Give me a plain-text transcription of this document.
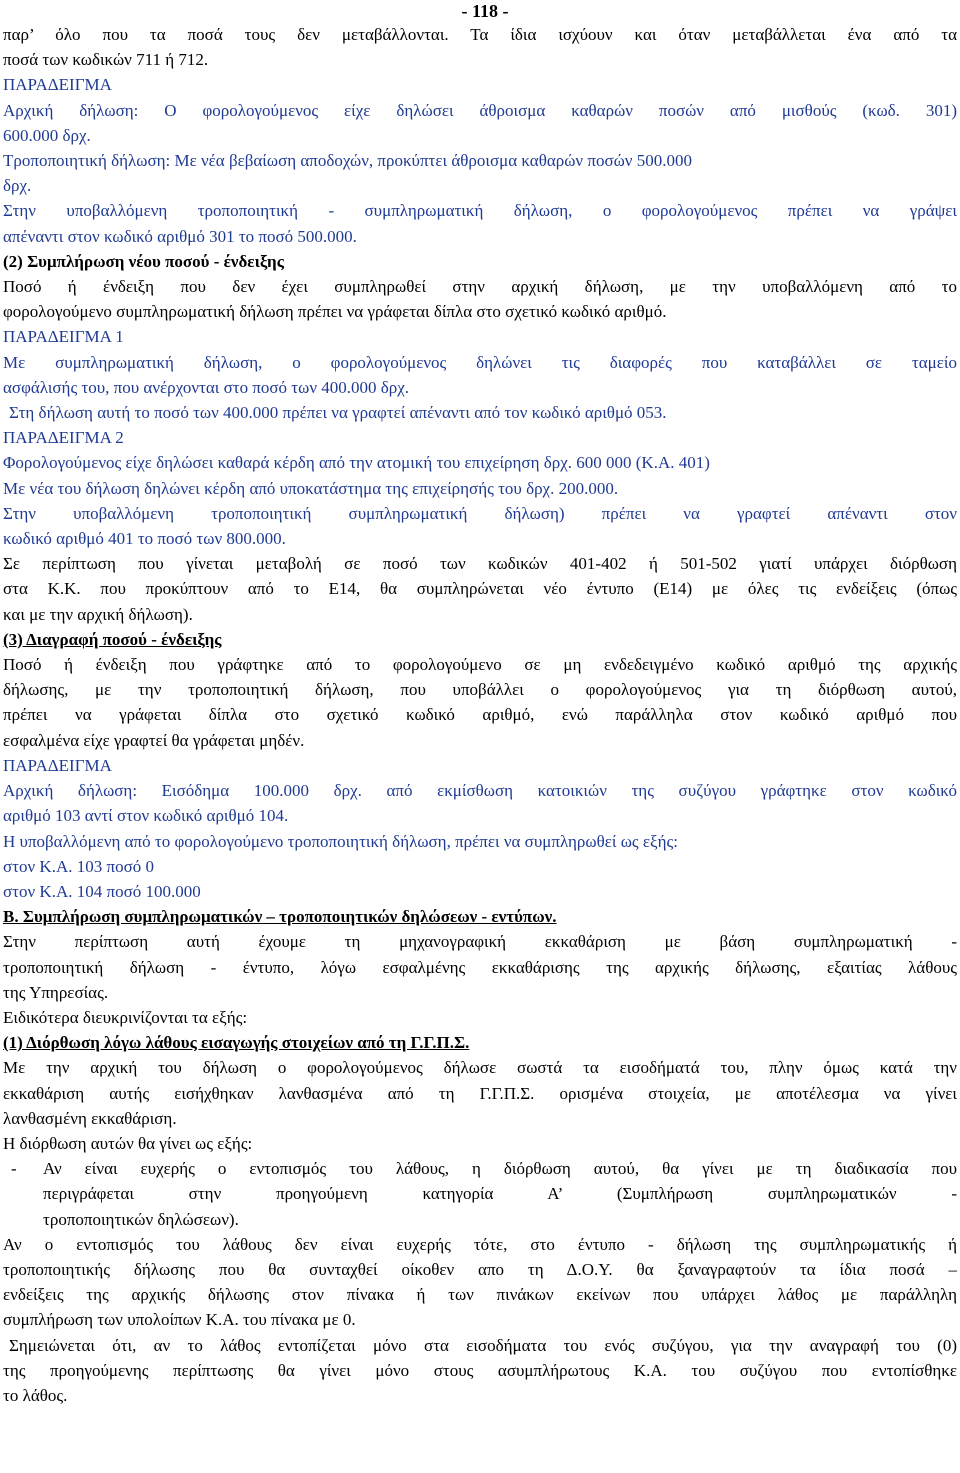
- 118 -

παρ’ όλο που τα ποσά τους δεν μεταβάλλονται. Τα ίδια ισχύουν και όταν μεταβάλλεται ένα από τα

ποσά των κωδικών 711 ή 712.

ΠΑΡΑΔΕΙΓΜΑ

Αρχική δήλωση: Ο φορολογούμενος είχε δηλώσει άθροισμα καθαρών ποσών από μισθούς (κωδ. 301)

600.000 δρχ.

Τροποποιητική δήλωση: Με νέα βεβαίωση αποδοχών, προκύπτει άθροισμα καθαρών ποσών 500.000

δρχ.

Στην υποβαλλόμενη τροποποιητική - συμπληρωματική δήλωση, ο φορολογούμενος πρέπει να γράψει

απέναντι στον κωδικό αριθμό 301 το ποσό 500.000.

(2) Συμπλήρωση νέου ποσού - ένδειξης

Ποσό ή ένδειξη που δεν έχει συμπληρωθεί στην αρχική δήλωση, με την υποβαλλόμενη από το

φορολογούμενο συμπληρωματική δήλωση πρέπει να γράφεται δίπλα στο σχετικό κωδικό αριθμό.

ΠΑΡΑΔΕΙΓΜΑ 1

Με συμπληρωματική δήλωση, ο φορολογούμενος δηλώνει τις διαφορές που καταβάλλει σε ταμείο

ασφάλισής του, που ανέρχονται στο ποσό των 400.000 δρχ.

Στη δήλωση αυτή το ποσό των 400.000 πρέπει να γραφτεί απέναντι από τον κωδικό αριθμό 053.

ΠΑΡΑΔΕΙΓΜΑ 2

Φορολογούμενος είχε δηλώσει καθαρά κέρδη από την ατομική του επιχείρηση δρχ. 600 000 (Κ.Α. 401)

Με νέα του δήλωση δηλώνει κέρδη από υποκατάστημα της επιχείρησής του δρχ. 200.000.

Στην υποβαλλόμενη τροποποιητική συμπληρωματική δήλωση) πρέπει να γραφτεί απέναντι στον

κωδικό αριθμό 401 το ποσό των 800.000.

Σε περίπτωση που γίνεται μεταβολή σε ποσό των κωδικών 401-402 ή 501-502 γιατί υπάρχει διόρθωση

στα Κ.Κ. που προκύπτουν από το Ε14, θα συμπληρώνεται νέο έντυπο (Ε14) με όλες τις ενδείξεις (όπως

και με την αρχική δήλωση).

(3) Διαγραφή ποσού - ένδειξης

Ποσό ή ένδειξη που γράφτηκε από το φορολογούμενο σε μη ενδεδειγμένο κωδικό αριθμό της αρχικής

δήλωσης, με την τροποποιητική δήλωση, που υποβάλλει ο φορολογούμενος για τη διόρθωση αυτού,

πρέπει να γράφεται δίπλα στο σχετικό κωδικό αριθμό, ενώ παράλληλα στον κωδικό αριθμό που

εσφαλμένα είχε γραφτεί θα γράφεται μηδέν.

ΠΑΡΑΔΕΙΓΜΑ

Αρχική δήλωση: Εισόδημα 100.000 δρχ. από εκμίσθωση κατοικιών της συζύγου γράφτηκε στον κωδικό

αριθμό 103 αντί στον κωδικό αριθμό 104.

Η υποβαλλόμενη από το φορολογούμενο τροποποιητική δήλωση, πρέπει να συμπληρωθεί ως εξής:

στον Κ.Α. 103 ποσό 0

στον Κ.Α. 104 ποσό 100.000

Β. Συμπλήρωση συμπληρωματικών – τροποποιητικών δηλώσεων - εντύπων.

Στην περίπτωση αυτή έχουμε τη μηχανογραφική εκκαθάριση με βάση συμπληρωματική -

τροποποιητική δήλωση - έντυπο, λόγω εσφαλμένης εκκαθάρισης της αρχικής δήλωσης, εξαιτίας λάθους

της Υπηρεσίας.

Ειδικότερα διευκρινίζονται τα εξής:

(1) Διόρθωση λόγω λάθους εισαγωγής στοιχείων από τη Γ.Γ.Π.Σ.

Με την αρχική του δήλωση ο φορολογούμενος δήλωσε σωστά τα εισοδήματά του, πλην όμως κατά την

εκκαθάριση αυτής εισήχθηκαν λανθασμένα από τη Γ.Γ.Π.Σ. ορισμένα στοιχεία, με αποτέλεσμα να γίνει

λανθασμένη εκκαθάριση.

Η διόρθωση αυτών θα γίνει ως εξής:

-	Αν είναι ευχερής ο εντοπισμός του λάθους, η διόρθωση αυτού, θα γίνει με τη διαδικασία που

περιγράφεται στην προηγούμενη κατηγορία Α’ (Συμπλήρωση συμπληρωματικών -

τροποποιητικών δηλώσεων).

Αν ο εντοπισμός του λάθους δεν είναι ευχερής τότε, στο έντυπο - δήλωση της συμπληρωματικής ή

τροποποιητικής δήλωσης που θα συνταχθεί οίκοθεν απο τη Δ.Ο.Υ. θα ξαναγραφτούν τα ίδια ποσά –

ενδείξεις της αρχικής δήλωσης στον πίνακα ή των πινάκων εκείνων που υπάρχει λάθος με παράλληλη

συμπλήρωση των υπολοίπων Κ.Α. του πίνακα με 0.

Σημειώνεται ότι, αν το λάθος εντοπίζεται μόνο στα εισοδήματα του ενός συζύγου, για την αναγραφή του (0)

της προηγούμενης περίπτωσης θα γίνει μόνο στους ασυμπλήρωτους Κ.Α. του συζύγου που εντοπίσθηκε

το λάθος.
